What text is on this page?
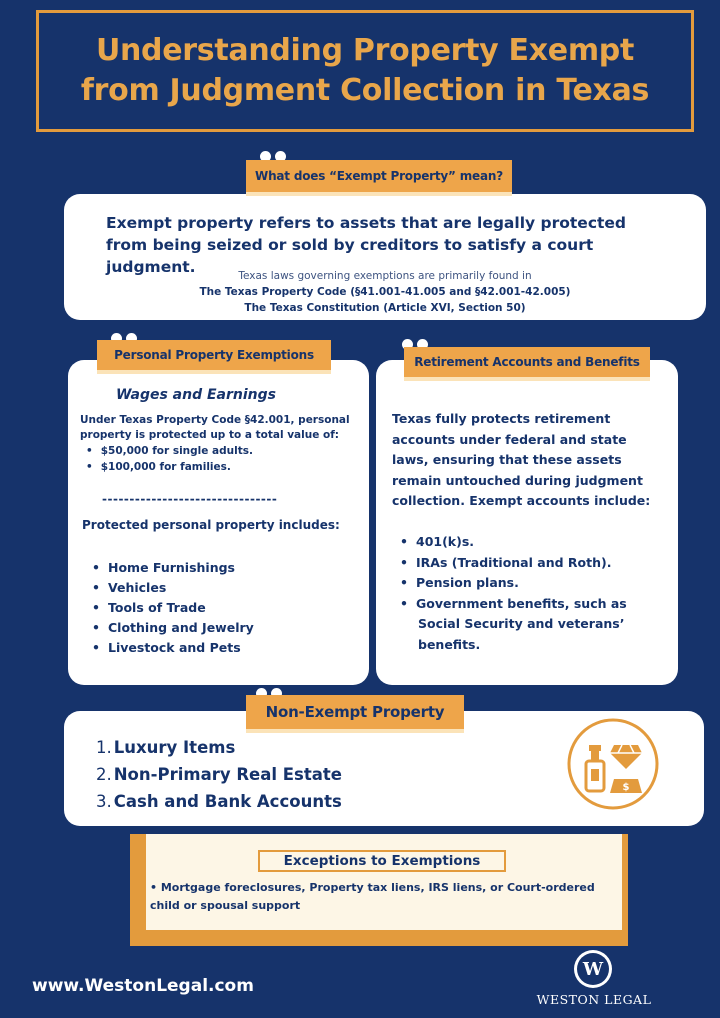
Understanding Property Exempt
from Judgment Collection in Texas
What does “Exempt Property” mean?
Exempt property refers to assets that are legally protected from being seized or sold by creditors to satisfy a court judgment.	Texas laws governing exemptions are primarily found in
The Texas Property Code (§41.001-41.005 and §42.001-42.005)
The Texas Constitution (Article XVI, Section 50)
Personal Property Exemptions
Wages and Earnings
Under Texas Property Code §42.001, personal property is protected up to a total value of:
• $50,000 for single adults.
• $100,000 for families.
--------------------------------
Protected personal property includes:
• Home Furnishings
• Vehicles
• Tools of Trade
• Clothing and Jewelry
• Livestock and Pets
Retirement Accounts and Benefits
Texas fully protects retirement accounts under federal and state laws, ensuring that these assets remain untouched during judgment collection. Exempt accounts include:
• 401(k)s.
• IRAs (Traditional and Roth).
• Pension plans.
• Government benefits, such as Social Security and veterans’ benefits.
Non-Exempt Property
1. Luxury Items
2. Non-Primary Real Estate
3. Cash and Bank Accounts
$
Exceptions to Exemptions
• Mortgage foreclosures, Property tax liens, IRS liens, or Court-ordered child or spousal support
www.WestonLegal.com
W
WESTON LEGAL
